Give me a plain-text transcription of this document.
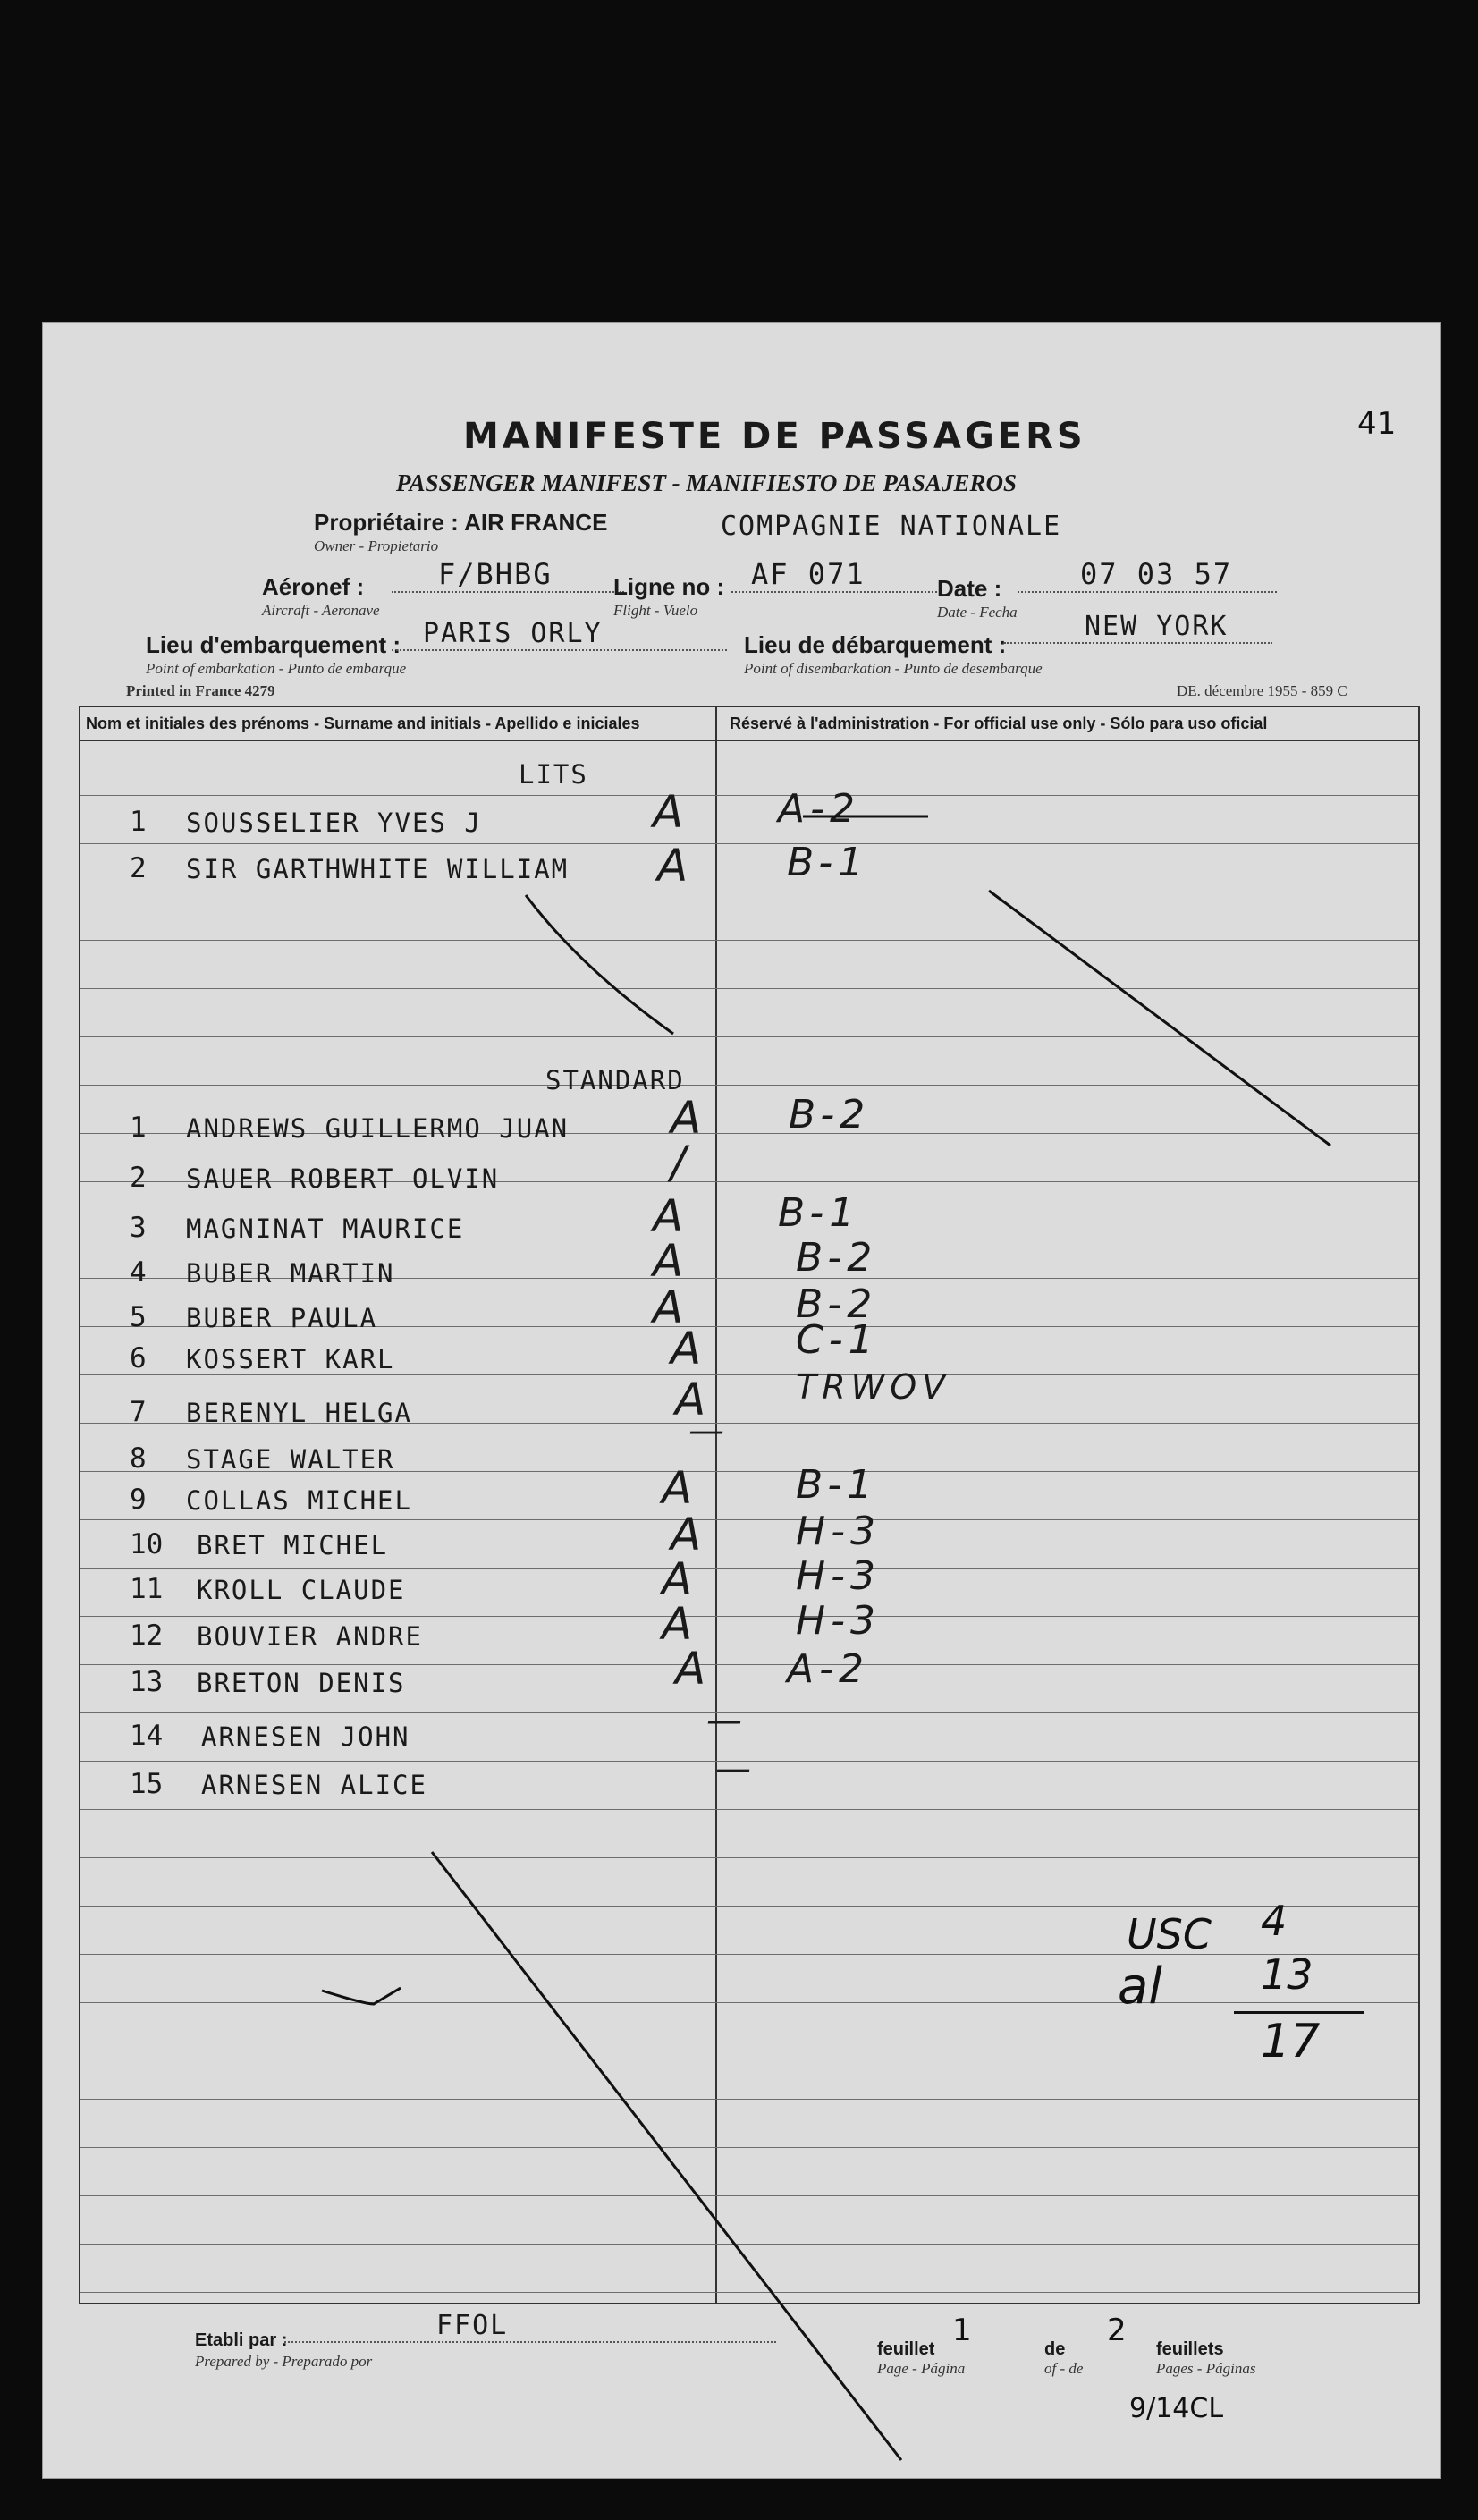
41
MANIFESTE DE PASSAGERS
PASSENGER MANIFEST - MANIFIESTO DE PASAJEROS
Propriétaire : AIR FRANCE
Owner - Propietario
COMPAGNIE NATIONALE
Aéronef :
Aircraft - Aeronave
F/BHBG	Ligne no :
Flight - Vuelo
AF 071	Date :
Date - Fecha
07 03 57
Lieu d'embarquement :
Point of embarkation - Punto de embarque
PARIS ORLY	Lieu de débarquement :
Point of disembarkation - Punto de desembarque
NEW YORK
Printed in France 4279	DE. décembre 1955 - 859 C
Nom et initiales des prénoms - Surname and initials - Apellido e iniciales	Réservé à l'administration - For official use only - Sólo para uso oficial
LITS
1 SOUSSELIER YVES J	A A-2
2 SIR GARTHWHITE WILLIAM A	B-1
STANDARD
1 ANDREWS GUILLERMO JUAN A B-2
2 SAUER ROBERT OLVIN	/
3 MAGNINAT MAURICE	A B-1
4 BUBER MARTIN	A	B-2
5 BUBER PAULA	A	B-2
6 KOSSERT KARL	A C-1
7 BERENYL HELGA	A	TRWOV
8 STAGE WALTER
—
9 COLLAS MICHEL	A	B-1
10 BRET MICHEL	A H-3
11 KROLL CLAUDE	A	H-3
12 BOUVIER ANDRE	A	H-3
13 BRETON DENIS	A A-2
14 ARNESEN JOHN	—
15 ARNESEN ALICE	—
USC 4
al 13
17
Etabli par :
Prepared by - Preparado por
FFOL
feuillet
Page - Página
1
de
of - de
2
feuillets
Pages - Páginas
9/14CL
